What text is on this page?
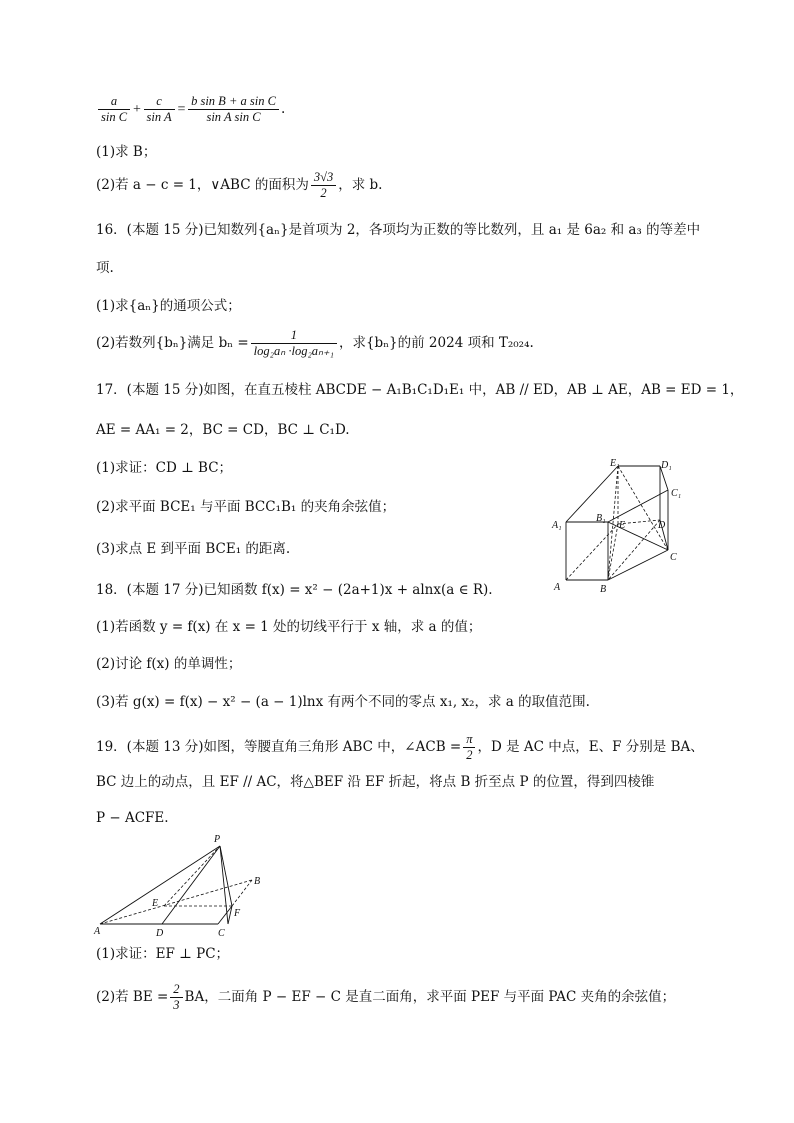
$\frac{a}{\text{sin C}} + \frac{c}{\text{sin A}} = \frac{\text{b sin B + a sin C}}{\text{sin A sin C}}$ .
(1)求 B；
(2)若 a − c = 1，∨ABC 的面积为 $\frac{3√3}{2}$ ，求 b.
16．(本题 15 分)已知数列{aₙ}是首项为 2，各项均为正数的等比数列，且 a₁ 是 6a₂ 和 a₃ 的等差中
项.
(1)求{aₙ}的通项公式；
(2)若数列{bₙ}满足 $b_n = \frac{1}{\text{log₂aₙ ·log₂aₙ₊₁}}$ ，求{bₙ}的前 2024 项和 T₂₀₂₄.
17．(本题 15 分)如图，在直五棱柱 ABCDE − A₁B₁C₁D₁E₁ 中，AB // ED，AB ⊥ AE，AB = ED = 1，
AE = AA₁ = 2，BC = CD，BC ⊥ C₁D.
(1)求证：CD ⊥ BC；
(2)求平面 BCE₁ 与平面 BCC₁B₁ 的夹角余弦值；
(3)求点 E 到平面 BCE₁ 的距离.
E₁	D₁
C₁
A₁
B₁
E	D
A	B
C
18．(本题 17 分)已知函数 f(x) = x² − (2a+1)x + alnx(a ∈ R).
(1)若函数 y = f(x) 在 x = 1 处的切线平行于 x 轴，求 a 的值；
(2)讨论 f(x) 的单调性；
(3)若 g(x) = f(x) − x² − (a − 1)lnx 有两个不同的零点 x₁, x₂，求 a 的取值范围.
19．(本题 13 分)如图，等腰直角三角形 ABC 中，∠ACB = $\frac{\pi}{2}$ ，D 是 AC 中点，E、F 分别是 BA、
BC 边上的动点，且 EF // AC，将△BEF 沿 EF 折起，将点 B 折至点 P 的位置，得到四棱锥
P − ACFE.
P
B
E
F
A	D	C
(1)求证：EF ⊥ PC；
(2)若 BE = $\frac{2}{3}$ BA，二面角 P − EF − C 是直二面角，求平面 PEF 与平面 PAC 夹角的余弦值；
